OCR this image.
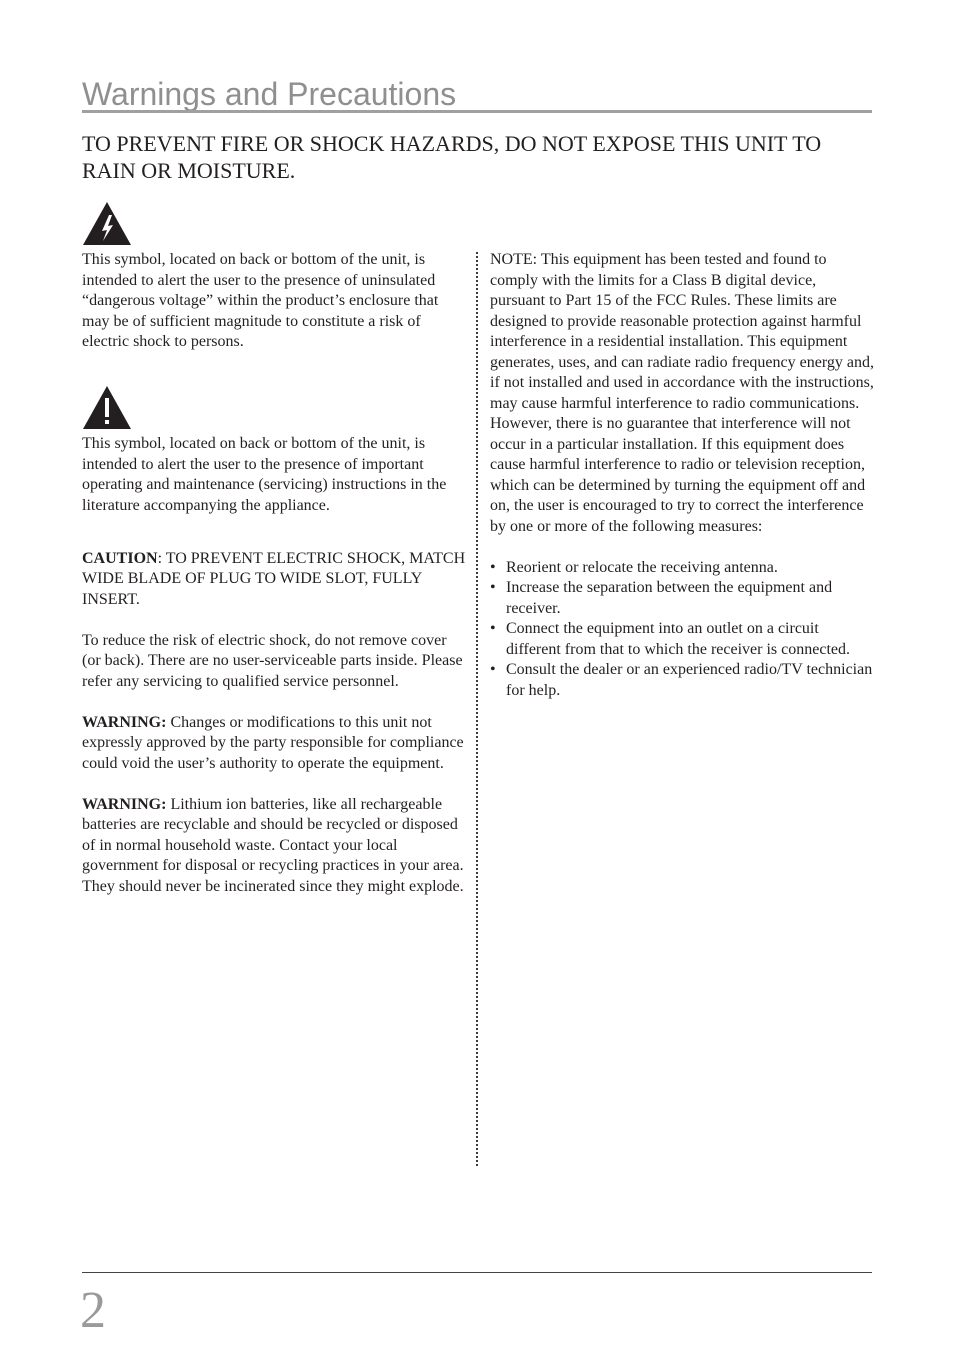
Warnings and Precautions
TO PREVENT FIRE OR SHOCK HAZARDS, DO NOT EXPOSE THIS UNIT TO
RAIN OR MOISTURE.

This symbol, located on back or bottom of the unit, is intended to alert the user to the presence of uninsulated “dangerous voltage” within the product’s enclosure that may be of sufficient magnitude to constitute a risk of electric shock to persons.

This symbol, located on back or bottom of the unit, is intended to alert the user to the presence of important operating and maintenance (servicing) instructions in the literature accompanying the appliance.

CAUTION: TO PREVENT ELECTRIC SHOCK, MATCH WIDE BLADE OF PLUG TO WIDE SLOT, FULLY INSERT.

To reduce the risk of electric shock, do not remove cover (or back). There are no user-serviceable parts inside. Please refer any servicing to qualified service personnel.

WARNING: Changes or modifications to this unit not expressly approved by the party responsible for compliance could void the user’s authority to operate the equipment.

WARNING: Lithium ion batteries, like all rechargeable batteries are recyclable and should be recycled or disposed of in normal household waste. Contact your local government for disposal or recycling practices in your area. They should never be incinerated since they might explode.

NOTE: This equipment has been tested and found to comply with the limits for a Class B digital device, pursuant to Part 15 of the FCC Rules. These limits are designed to provide reasonable protection against harmful interference in a residential installation. This equipment generates, uses, and can radiate radio frequency energy and, if not installed and used in accordance with the instructions, may cause harmful interference to radio communications. However, there is no guarantee that interference will not occur in a particular installation. If this equipment does cause harmful interference to radio or television reception, which can be determined by turning the equipment off and on, the user is encouraged to try to correct the interference by one or more of the following measures:

• Reorient or relocate the receiving antenna.
• Increase the separation between the equipment and receiver.
• Connect the equipment into an outlet on a circuit different from that to which the receiver is connected.
• Consult the dealer or an experienced radio/TV technician for help.
2
